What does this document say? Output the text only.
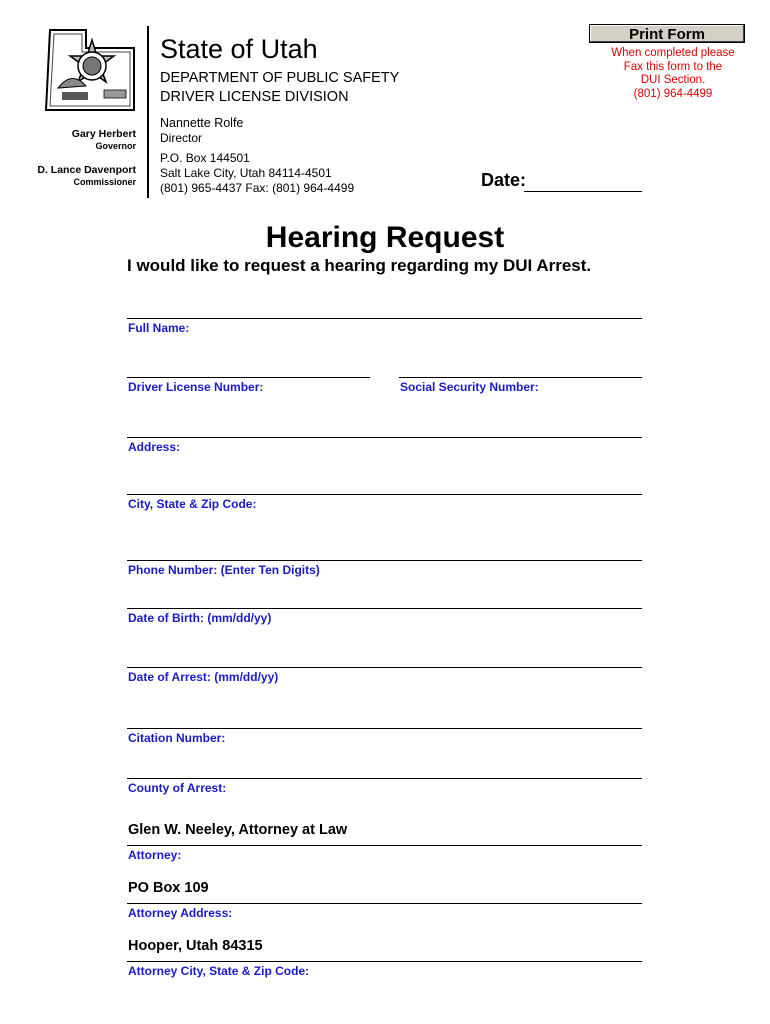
State of Utah
DEPARTMENT OF PUBLIC SAFETY
DRIVER LICENSE DIVISION
Nannette Rolfe
Director
P.O. Box 144501
Salt Lake City, Utah 84114-4501
(801) 965-4437 Fax: (801) 964-4499
Gary Herbert
Governor
D. Lance Davenport
Commissioner
Print Form
When completed please
Fax this form to the
DUI Section.
(801) 964-4499
Date:
Hearing Request
I would like to request a hearing regarding my DUI Arrest.
Full Name:
Driver License Number:	Social Security Number:
Address:
City, State & Zip Code:
Phone Number: (Enter Ten Digits)
Date of Birth: (mm/dd/yy)
Date of Arrest: (mm/dd/yy)
Citation Number:
County of Arrest:
Glen W. Neeley, Attorney at Law
Attorney:
PO Box 109
Attorney Address:
Hooper, Utah 84315
Attorney City, State & Zip Code:
